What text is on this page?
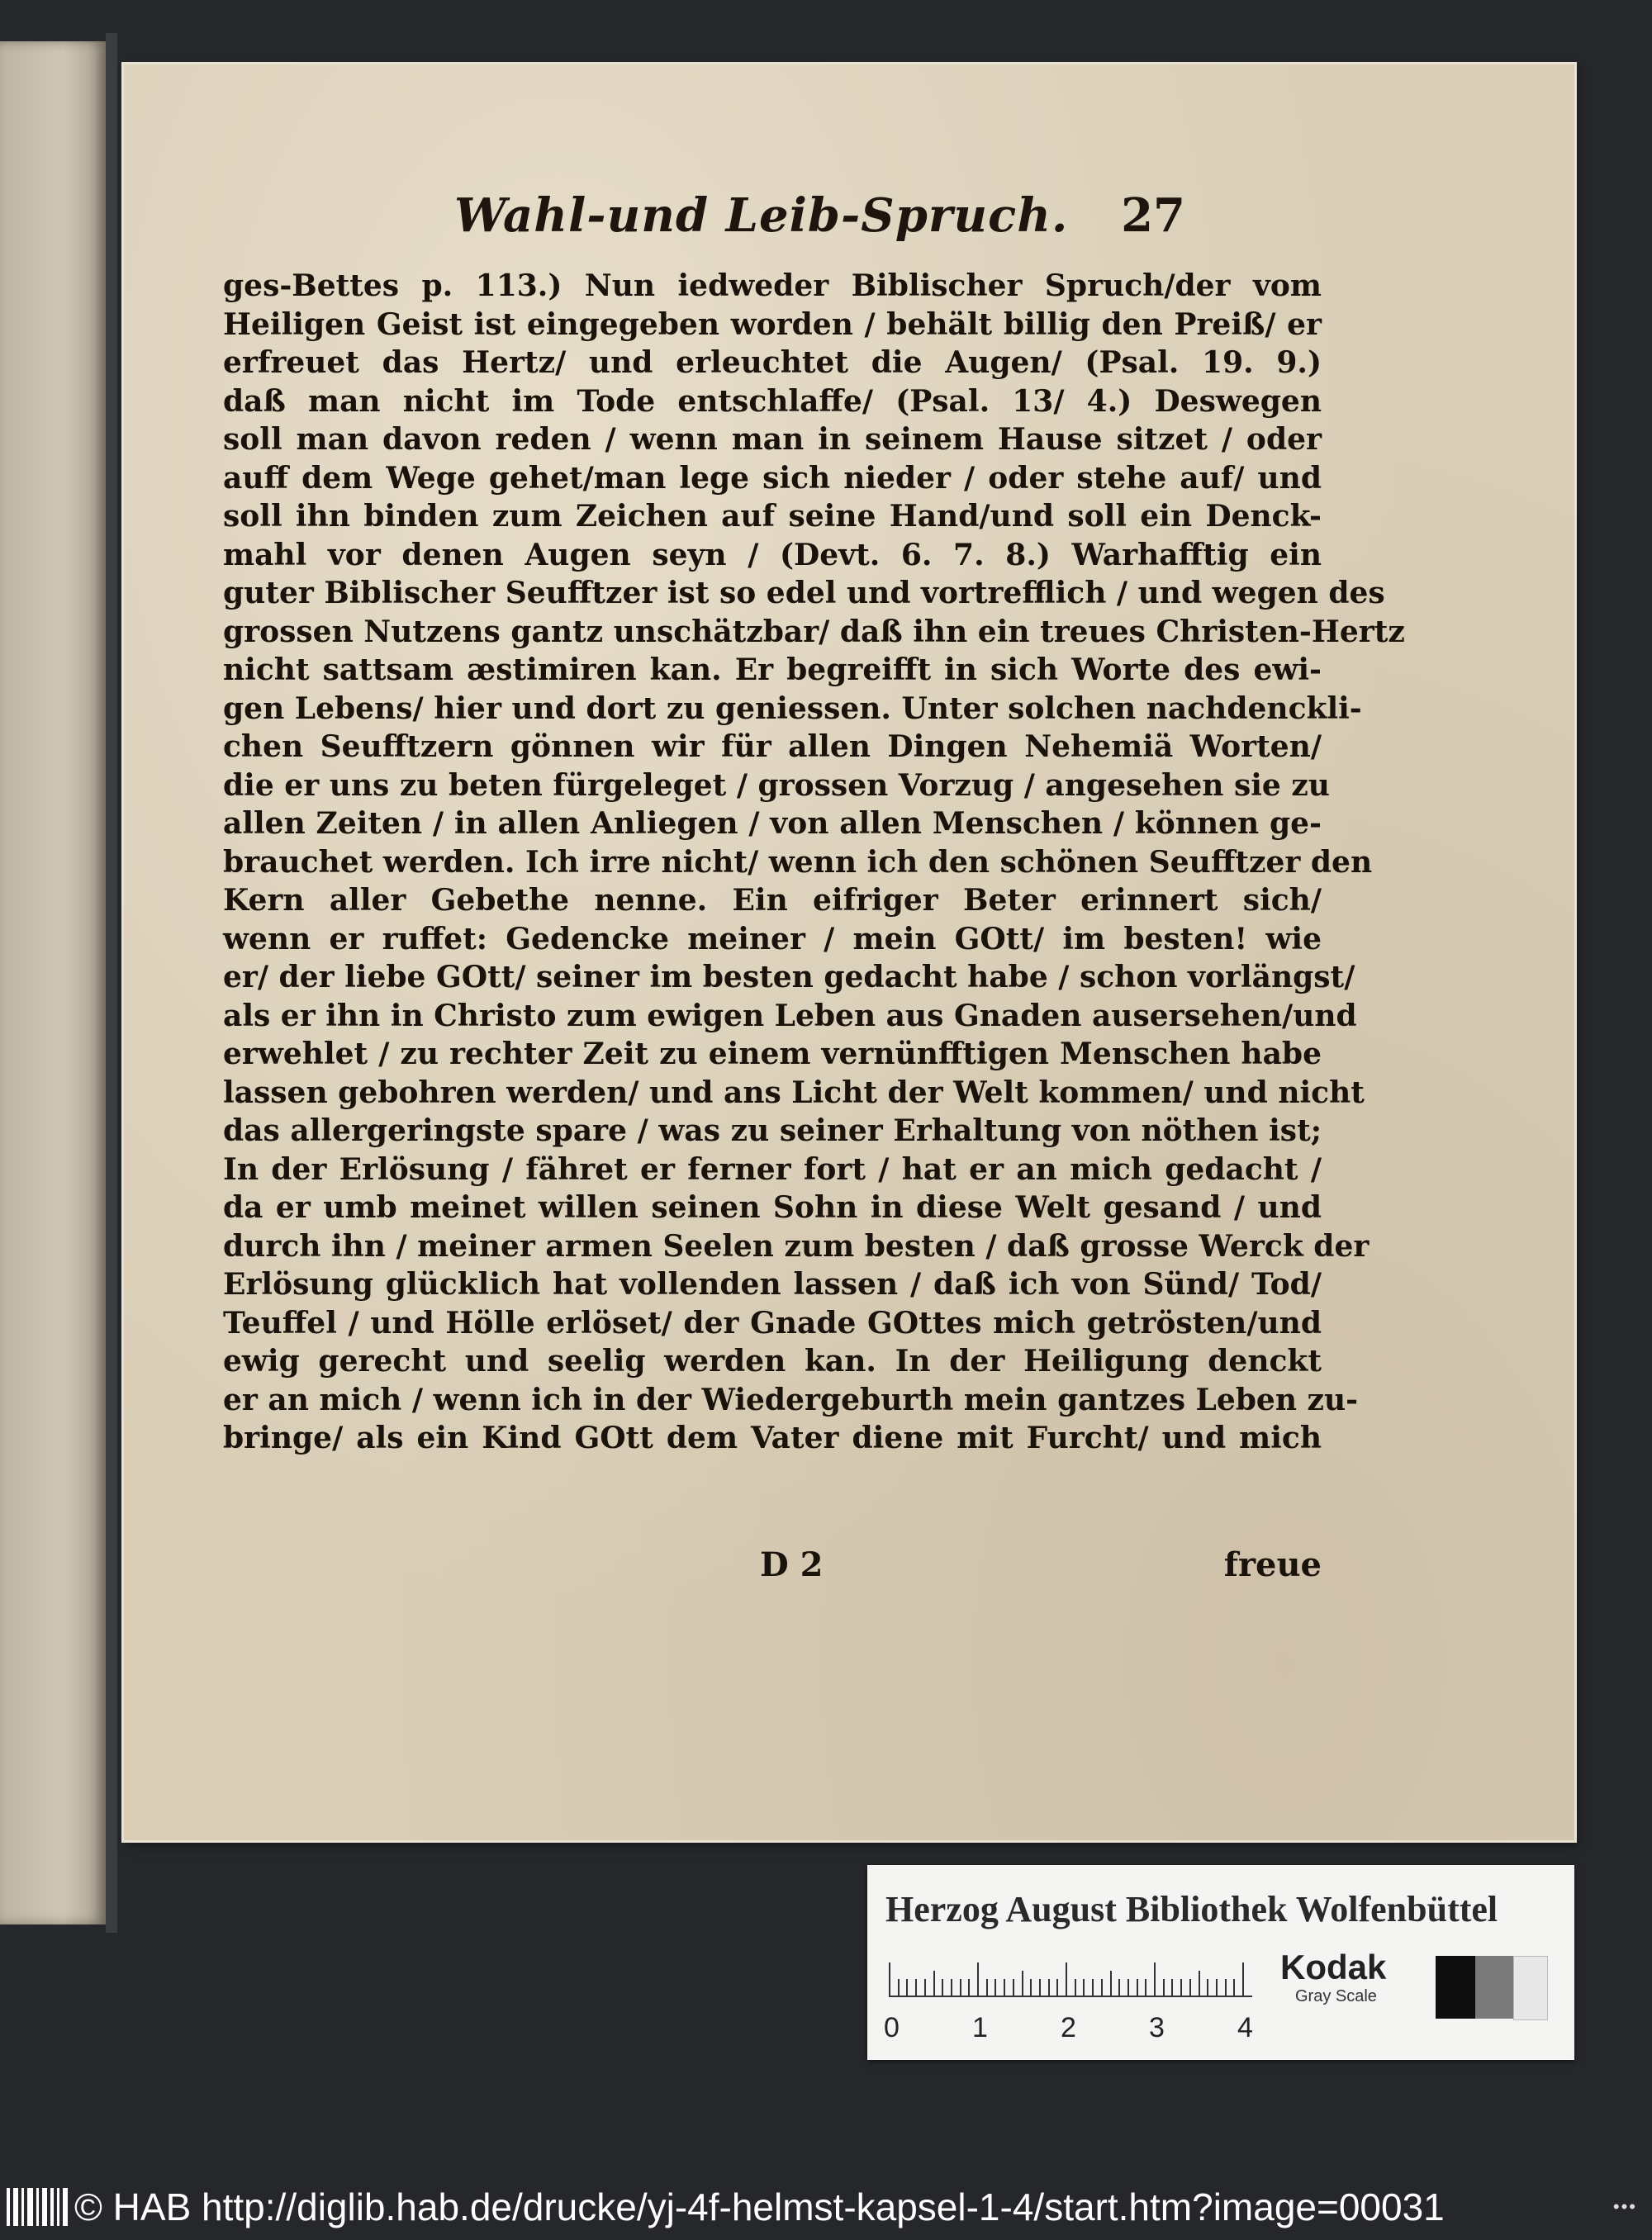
Wahl-und Leib-Spruch. 27
ges-Bettes p. 113.) Nun iedweder Biblischer Spruch/der vom
Heiligen Geist ist eingegeben worden / behält billig den Preiß/ er
erfreuet das Hertz/ und erleuchtet die Augen/ (Psal. 19. 9.)
daß man nicht im Tode entschlaffe/ (Psal. 13/ 4.) Deswegen
soll man davon reden / wenn man in seinem Hause sitzet / oder
auff dem Wege gehet/man lege sich nieder / oder stehe auf/ und
soll ihn binden zum Zeichen auf seine Hand/und soll ein Denck-
mahl vor denen Augen seyn / (Devt. 6. 7. 8.) Warhafftig ein
guter Biblischer Seufftzer ist so edel und vortrefflich / und wegen des
grossen Nutzens gantz unschätzbar/ daß ihn ein treues Christen-Hertz
nicht sattsam æstimiren kan. Er begreifft in sich Worte des ewi-
gen Lebens/ hier und dort zu geniessen. Unter solchen nachdenckli-
chen Seufftzern gönnen wir für allen Dingen Nehemiä Worten/
die er uns zu beten fürgeleget / grossen Vorzug / angesehen sie zu
allen Zeiten / in allen Anliegen / von allen Menschen / können ge-
brauchet werden. Ich irre nicht/ wenn ich den schönen Seufftzer den
Kern aller Gebethe nenne. Ein eifriger Beter erinnert sich/
wenn er ruffet: Gedencke meiner / mein GOtt/ im besten! wie
er/ der liebe GOtt/ seiner im besten gedacht habe / schon vorlängst/
als er ihn in Christo zum ewigen Leben aus Gnaden ausersehen/und
erwehlet / zu rechter Zeit zu einem vernünfftigen Menschen habe
lassen gebohren werden/ und ans Licht der Welt kommen/ und nicht
das allergeringste spare / was zu seiner Erhaltung von nöthen ist;
In der Erlösung / fähret er ferner fort / hat er an mich gedacht /
da er umb meinet willen seinen Sohn in diese Welt gesand / und
durch ihn / meiner armen Seelen zum besten / daß grosse Werck der
Erlösung glücklich hat vollenden lassen / daß ich von Sünd/ Tod/
Teuffel / und Hölle erlöset/ der Gnade GOttes mich getrösten/und
ewig gerecht und seelig werden kan. In der Heiligung denckt
er an mich / wenn ich in der Wiedergeburth mein gantzes Leben zu-
bringe/ als ein Kind GOtt dem Vater diene mit Furcht/ und mich
D 2	freue
Herzog August Bibliothek Wolfenbüttel
0	1	2	3	4
Kodak
Gray Scale
© HAB http://diglib.hab.de/drucke/yj-4f-helmst-kapsel-1-4/start.htm?image=00031	•••
